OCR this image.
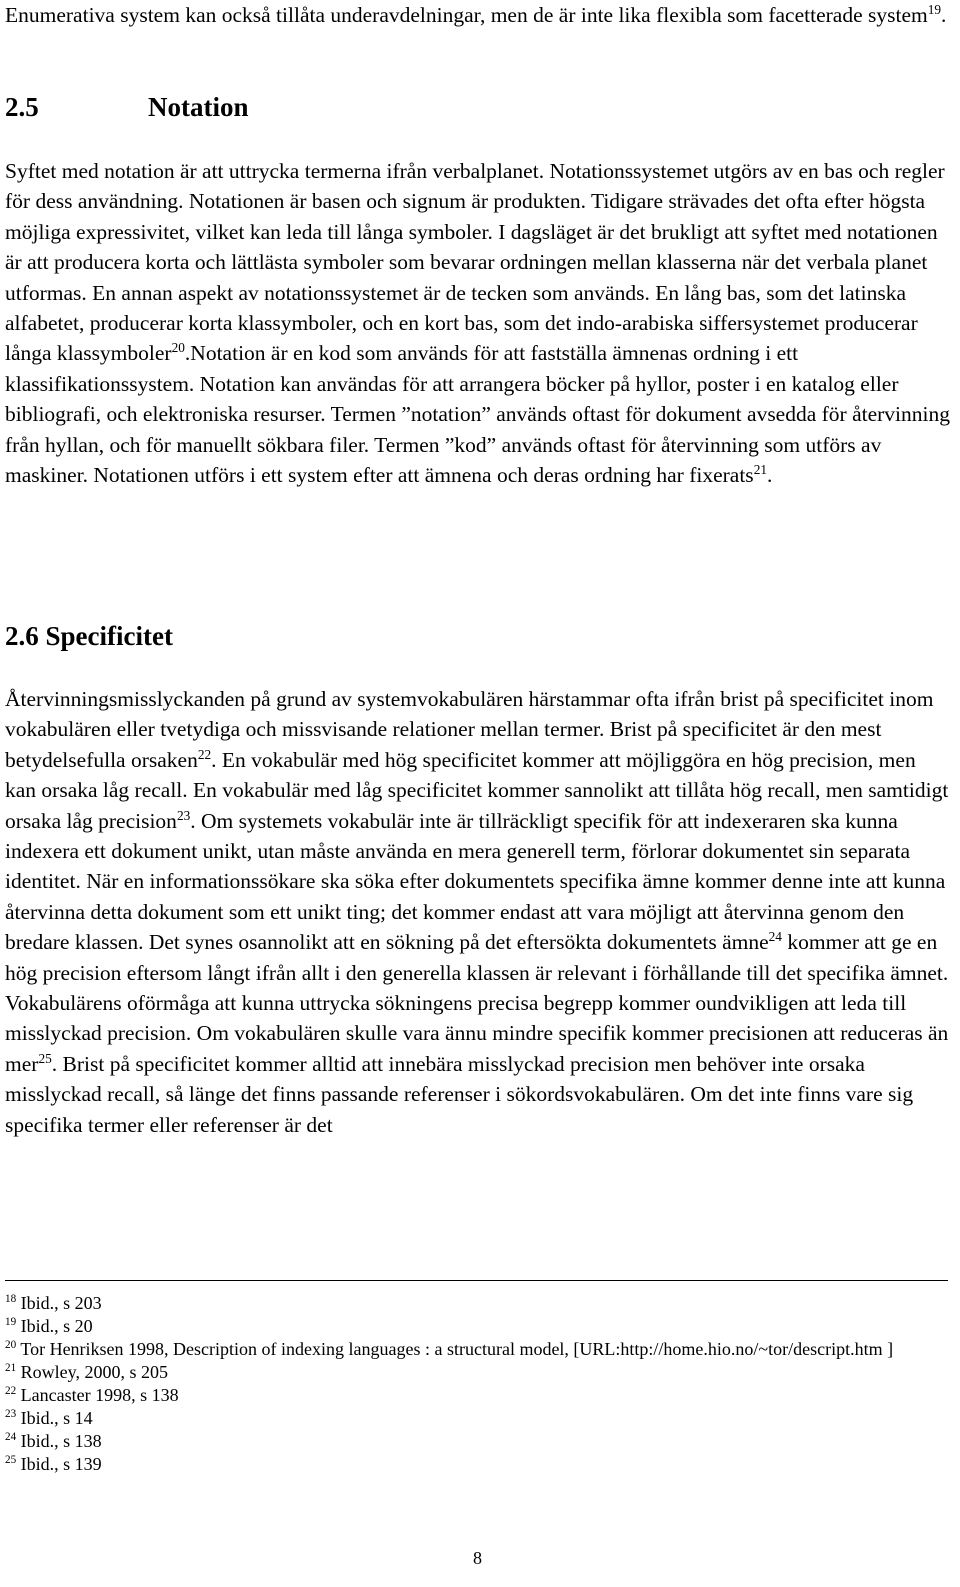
Enumerativa system kan också tillåta underavdelningar, men de är inte lika flexibla som facetterade system$^{19}$.

2.5	Notation

Syftet med notation är att uttrycka termerna ifrån verbalplanet. Notationssystemet utgörs av en bas och regler för dess användning. Notationen är basen och signum är produkten. Tidigare strävades det ofta efter högsta möjliga expressivitet, vilket kan leda till långa symboler. I dagsläget är det brukligt att syftet med notationen är att producera korta och lättlästa symboler som bevarar ordningen mellan klasserna när det verbala planet utformas. En annan aspekt av notationssystemet är de tecken som används. En lång bas, som det latinska alfabetet, producerar korta klassymboler, och en kort bas, som det indo-arabiska siffersystemet producerar långa klassymboler$^{20}$.Notation är en kod som används för att fastställa ämnenas ordning i ett klassifikationssystem. Notation kan användas för att arrangera böcker på hyllor, poster i en katalog eller bibliografi, och elektroniska resurser. Termen ”notation” används oftast för dokument avsedda för återvinning från hyllan, och för manuellt sökbara filer. Termen ”kod” används oftast för återvinning som utförs av maskiner. Notationen utförs i ett system efter att ämnena och deras ordning har fixerats$^{21}$.

2.6 Specificitet

Återvinningsmisslyckanden på grund av systemvokabulären härstammar ofta ifrån brist på specificitet inom vokabulären eller tvetydiga och missvisande relationer mellan termer. Brist på specificitet är den mest betydelsefulla orsaken$^{22}$. En vokabulär med hög specificitet kommer att möjliggöra en hög precision, men kan orsaka låg recall. En vokabulär med låg specificitet kommer sannolikt att tillåta hög recall, men samtidigt orsaka låg precision$^{23}$. Om systemets vokabulär inte är tillräckligt specifik för att indexeraren ska kunna indexera ett dokument unikt, utan måste använda en mera generell term, förlorar dokumentet sin separata identitet. När en informationssökare ska söka efter dokumentets specifika ämne kommer denne inte att kunna återvinna detta dokument som ett unikt ting; det kommer endast att vara möjligt att återvinna genom den bredare klassen. Det synes osannolikt att en sökning på det eftersökta dokumentets ämne$^{24}$ kommer att ge en hög precision eftersom långt ifrån allt i den generella klassen är relevant i förhållande till det specifika ämnet. Vokabulärens oförmåga att kunna uttrycka sökningens precisa begrepp kommer oundvikligen att leda till misslyckad precision. Om vokabulären skulle vara ännu mindre specifik kommer precisionen att reduceras än mer$^{25}$. Brist på specificitet kommer alltid att innebära misslyckad precision men behöver inte orsaka misslyckad recall, så länge det finns passande referenser i sökordsvokabulären. Om det inte finns vare sig specifika termer eller referenser är det

$^{18}$ Ibid., s 203

$^{19}$ Ibid., s 20

$^{20}$ Tor Henriksen 1998, Description of indexing languages : a structural model, [URL:http://home.hio.no/~tor/descript.htm ]

$^{21}$ Rowley, 2000, s 205

$^{22}$ Lancaster 1998, s 138

$^{23}$ Ibid., s 14

$^{24}$ Ibid., s 138

$^{25}$ Ibid., s 139

8
